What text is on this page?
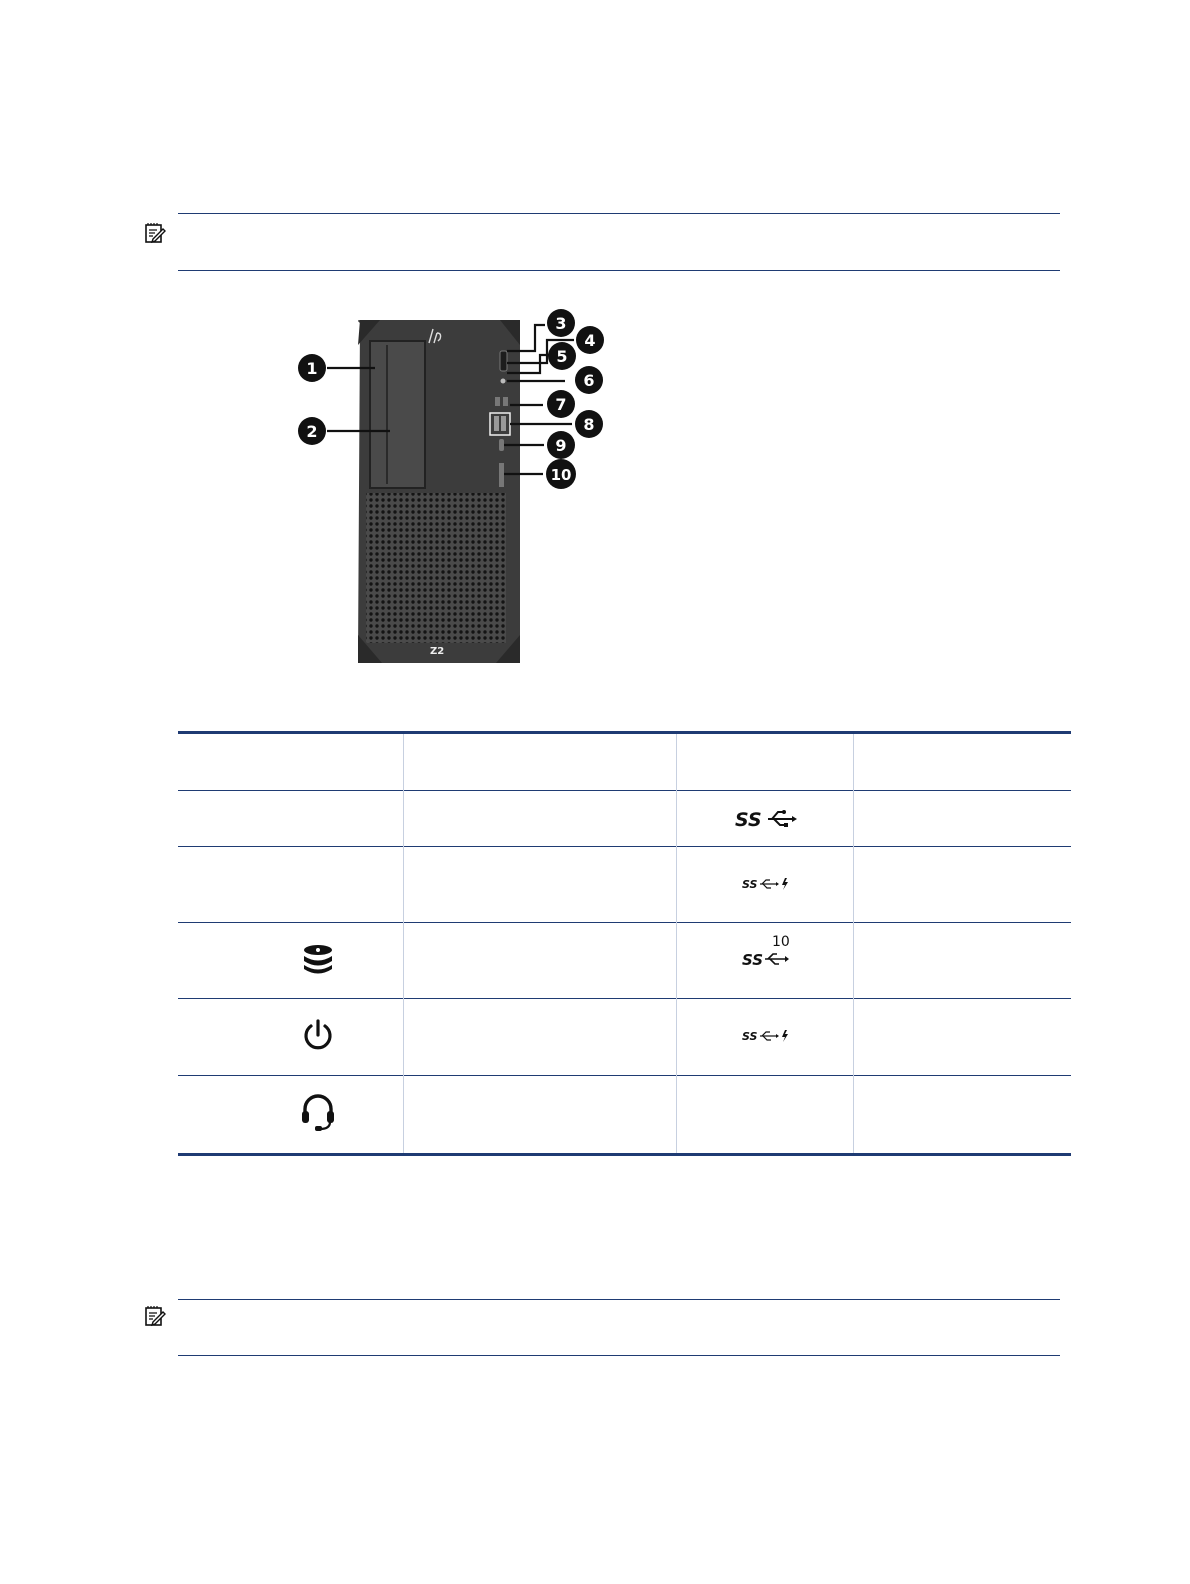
Z2
1
2
3
4
5
6
7
8
9
10
SS
SS
10
SS
SS
